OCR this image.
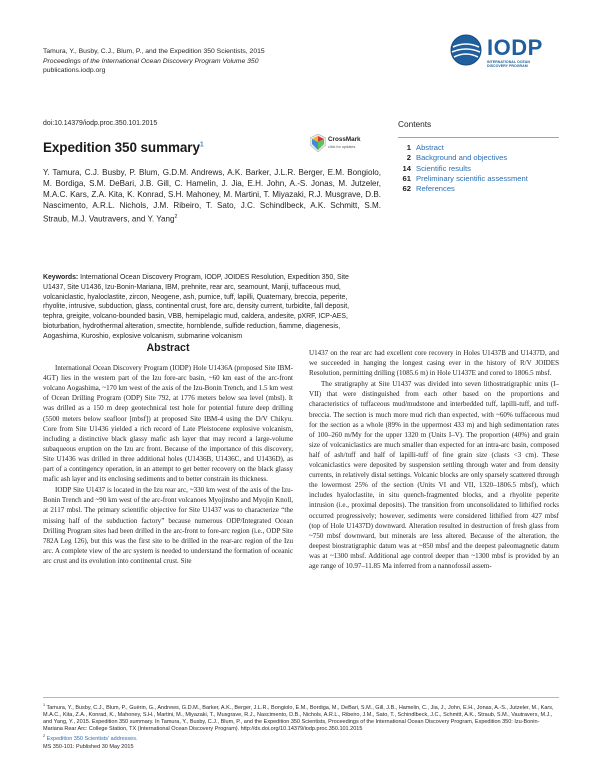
Tamura, Y., Busby, C.J., Blum, P., and the Expedition 350 Scientists, 2015
Proceedings of the International Ocean Discovery Program Volume 350
publications.iodp.org
IODP
INTERNATIONAL OCEAN
DISCOVERY PROGRAM
doi:10.14379/iodp.proc.350.101.2015
Expedition 350 summary$^1$
CrossMark
click for updates
Y. Tamura, C.J. Busby, P. Blum, G.D.M. Andrews, A.K. Barker, J.L.R. Berger, E.M. Bongiolo, M. Bordiga, S.M. DeBari, J.B. Gill, C. Hamelin, J. Jia, E.H. John, A.-S. Jonas, M. Jutzeler, M.A.C. Kars, Z.A. Kita, K. Konrad, S.H. Mahoney, M. Martini, T. Miyazaki, R.J. Musgrave, D.B. Nascimento, A.R.L. Nichols, J.M. Ribeiro, T. Sato, J.C. Schindlbeck, A.K. Schmitt, S.M. Straub, M.J. Vautravers, and Y. Yang$^2$
Contents
1 Abstract
2 Background and objectives
14 Scientific results
61 Preliminary scientific assessment
62 References
Keywords: International Ocean Discovery Program, IODP, JOIDES Resolution, Expedition 350, Site U1437, Site U1436, Izu-Bonin-Mariana, IBM, prehnite, rear arc, seamount, Manji, tuffaceous mud, volcaniclastic, hyaloclastite, zircon, Neogene, ash, pumice, tuff, lapilli, Quaternary, breccia, peperite, rhyolite, intrusive, subduction, glass, continental crust, fore arc, density current, turbidite, fall deposit, tephra, greigite, volcano-bounded basin, VBB, hemipelagic mud, caldera, andesite, pXRF, ICP-AES, bioturbation, hydrothermal alteration, smectite, hornblende, sulfide reduction, fiamme, diagenesis, Aogashima, Kuroshio, explosive volcanism, submarine volcanism
Abstract

International Ocean Discovery Program (IODP) Hole U1436A (proposed Site IBM-4GT) lies in the western part of the Izu fore-arc basin, ~60 km east of the arc-front volcano Aogashima, ~170 km west of the axis of the Izu-Bonin Trench, and 1.5 km west of Ocean Drilling Program (ODP) Site 792, at 1776 meters below sea level (mbsl). It was drilled as a 150 m deep geotechnical test hole for potential future deep drilling (5500 meters below seafloor [mbsf]) at proposed Site IBM-4 using the D/V Chikyu. Core from Site U1436 yielded a rich record of Late Pleistocene explosive volcanism, including a distinctive black glassy mafic ash layer that may record a large-volume subaqueous eruption on the Izu arc front. Because of the importance of this discovery, Site U1436 was drilled in three additional holes (U1436B, U1436C, and U1436D), as part of a contingency operation, in an attempt to get better recovery on the black glassy mafic ash layer and its enclosing sediments and to better constrain its thickness.

IODP Site U1437 is located in the Izu rear arc, ~330 km west of the axis of the Izu-Bonin Trench and ~90 km west of the arc-front volcanoes Myojinsho and Myojin Knoll, at 2117 mbsl. The primary scientific objective for Site U1437 was to characterize “the missing half of the subduction factory” because numerous ODP/Integrated Ocean Drilling Program sites had been drilled in the arc-front to fore-arc region (i.e., ODP Site 782A Leg 126), but this was the first site to be drilled in the rear-arc region of the Izu arc. A complete view of the arc system is needed to understand the formation of oceanic arc crust and its evolution into continental crust. Site

U1437 on the rear arc had excellent core recovery in Holes U1437B and U1437D, and we succeeded in hanging the longest casing ever in the history of R/V JOIDES Resolution, permitting drilling (1085.6 m) in Hole U1437E and cored to 1806.5 mbsf.

The stratigraphy at Site U1437 was divided into seven lithostratigraphic units (I–VII) that were distinguished from each other based on the proportions and characteristics of tuffaceous mud/mudstone and interbedded tuff, lapilli-tuff, and tuff-breccia. The section is much more mud rich than expected, with ~60% tuffaceous mud for the section as a whole (89% in the uppermost 433 m) and high sedimentation rates of 100–260 m/My for the upper 1320 m (Units I–V). The proportion (40%) and grain size of volcaniclastics are much smaller than expected for an intra-arc basin, composed half of ash/tuff and half of lapilli-tuff of fine grain size (clasts <3 cm). These volcaniclastics were deposited by suspension settling through water and from density currents, in relatively distal settings. Volcanic blocks are only sparsely scattered through the lowermost 25% of the section (Units VI and VII, 1320–1806.5 mbsf), which includes hyaloclastite, in situ quench-fragmented blocks, and a rhyolite peperite intrusion (i.e., proximal deposits). The transition from unconsolidated to lithified rocks occurred progressively; however, sediments were considered lithified from 427 mbsf (top of Hole U1437D) downward. Alteration resulted in destruction of fresh glass from ~750 mbsf downward, but minerals are less altered. Because of the alteration, the deepest biostratigraphic datum was at ~850 mbsf and the deepest paleomagnetic datum was at ~1300 mbsf. Additional age control deeper than ~1300 mbsf is provided by an age range of 10.97–11.85 Ma inferred from a nannofossil assem-

$^1$ Tamura, Y., Busby, C.J., Blum, P., Guèrin, G., Andrews, G.D.M., Barker, A.K., Berger, J.L.R., Bongiolo, E.M., Bordiga, M., DeBari, S.M., Gill, J.B., Hamelin, C., Jia, J., John, E.H., Jonas, A.-S., Jutzeler, M., Kars, M.A.C., Kita, Z.A., Konrad, K., Mahoney, S.H., Martini, M., Miyazaki, T., Musgrave, R.J., Nascimento, D.B., Nichols, A.R.L., Ribeiro, J.M., Sato, T., Schindlbeck, J.C., Schmitt, A.K., Straub, S.M., Vautravers, M.J., and Yang, Y., 2015. Expedition 350 summary. In Tamura, Y., Busby, C.J., Blum, P., and the Expedition 350 Scientists, Proceedings of the International Ocean Discovery Program, Expedition 350: Izu-Bonin-Mariana Rear Arc: College Station, TX (International Ocean Discovery Program). http://dx.doi.org/10.14379/iodp.proc.350.101.2015
$^2$ Expedition 350 Scientists’ addresses.
MS 350-101: Published 30 May 2015
